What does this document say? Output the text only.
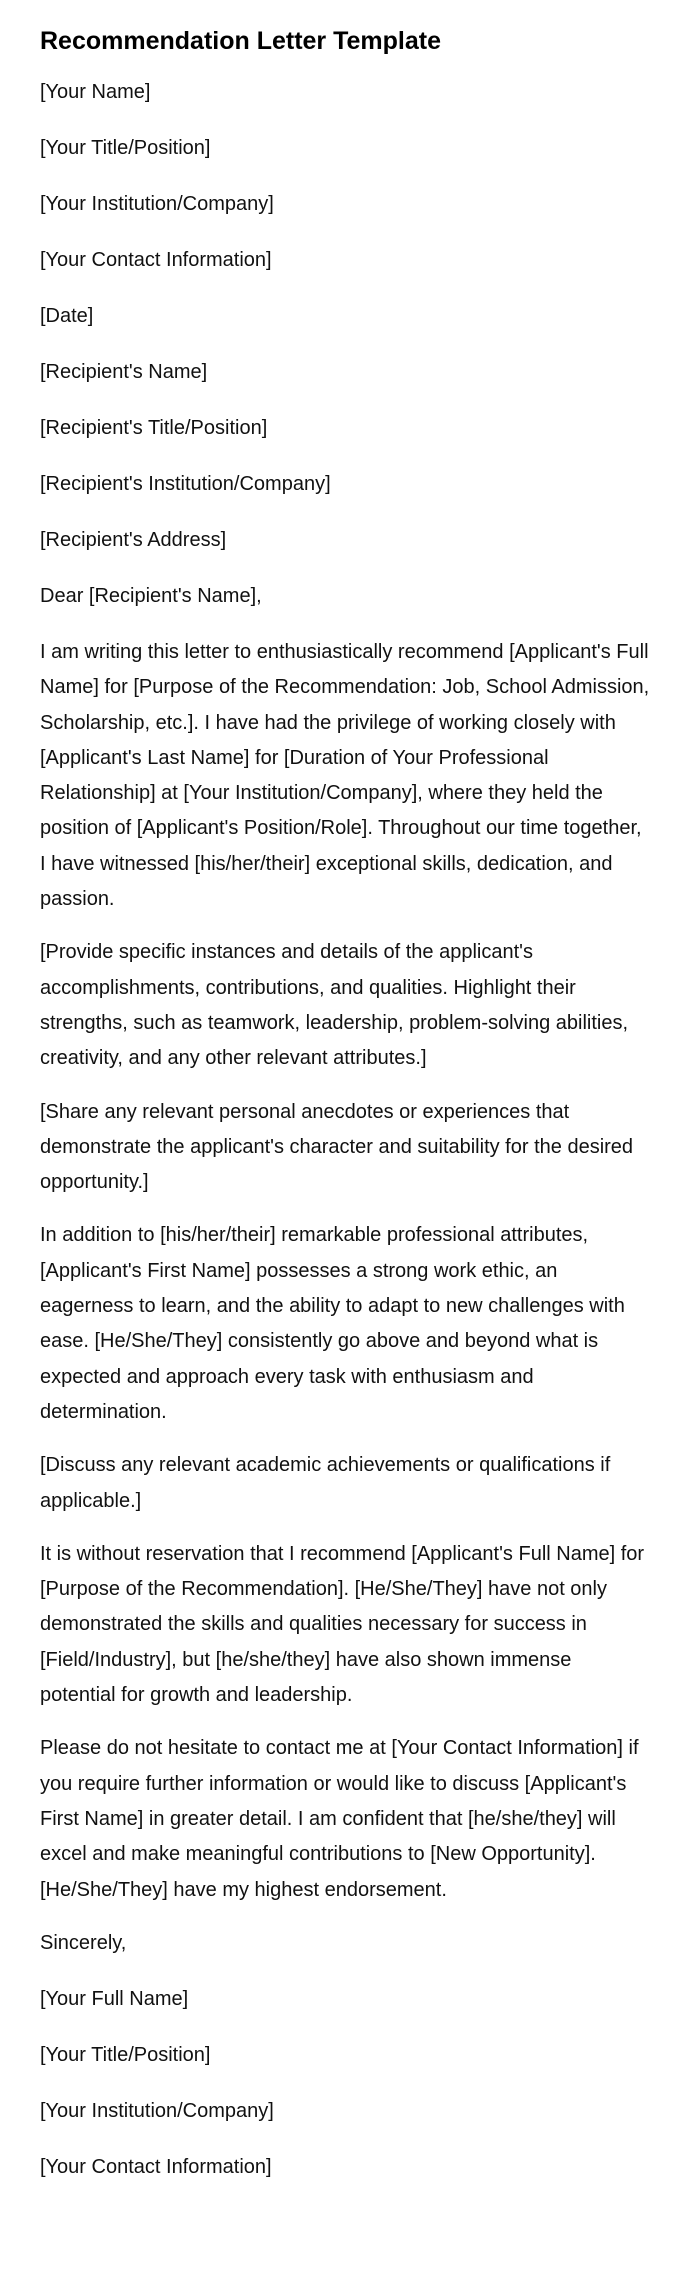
Recommendation Letter Template

[Your Name]

[Your Title/Position]

[Your Institution/Company]

[Your Contact Information]

[Date]

[Recipient's Name]

[Recipient's Title/Position]

[Recipient's Institution/Company]

[Recipient's Address]

Dear [Recipient's Name],

I am writing this letter to enthusiastically recommend [Applicant's Full Name] for [Purpose of the Recommendation: Job, School Admission, Scholarship, etc.]. I have had the privilege of working closely with [Applicant's Last Name] for [Duration of Your Professional Relationship] at [Your Institution/Company], where they held the position of [Applicant's Position/Role]. Throughout our time together, I have witnessed [his/her/their] exceptional skills, dedication, and passion.

[Provide specific instances and details of the applicant's accomplishments, contributions, and qualities. Highlight their strengths, such as teamwork, leadership, problem-solving abilities, creativity, and any other relevant attributes.]

[Share any relevant personal anecdotes or experiences that demonstrate the applicant's character and suitability for the desired opportunity.]

In addition to [his/her/their] remarkable professional attributes, [Applicant's First Name] possesses a strong work ethic, an eagerness to learn, and the ability to adapt to new challenges with ease. [He/She/They] consistently go above and beyond what is expected and approach every task with enthusiasm and determination.

[Discuss any relevant academic achievements or qualifications if applicable.]

It is without reservation that I recommend [Applicant's Full Name] for [Purpose of the Recommendation]. [He/She/They] have not only demonstrated the skills and qualities necessary for success in [Field/Industry], but [he/she/they] have also shown immense potential for growth and leadership.

Please do not hesitate to contact me at [Your Contact Information] if you require further information or would like to discuss [Applicant's First Name] in greater detail. I am confident that [he/she/they] will excel and make meaningful contributions to [New Opportunity]. [He/She/They] have my highest endorsement.

Sincerely,

[Your Full Name]

[Your Title/Position]

[Your Institution/Company]

[Your Contact Information]
